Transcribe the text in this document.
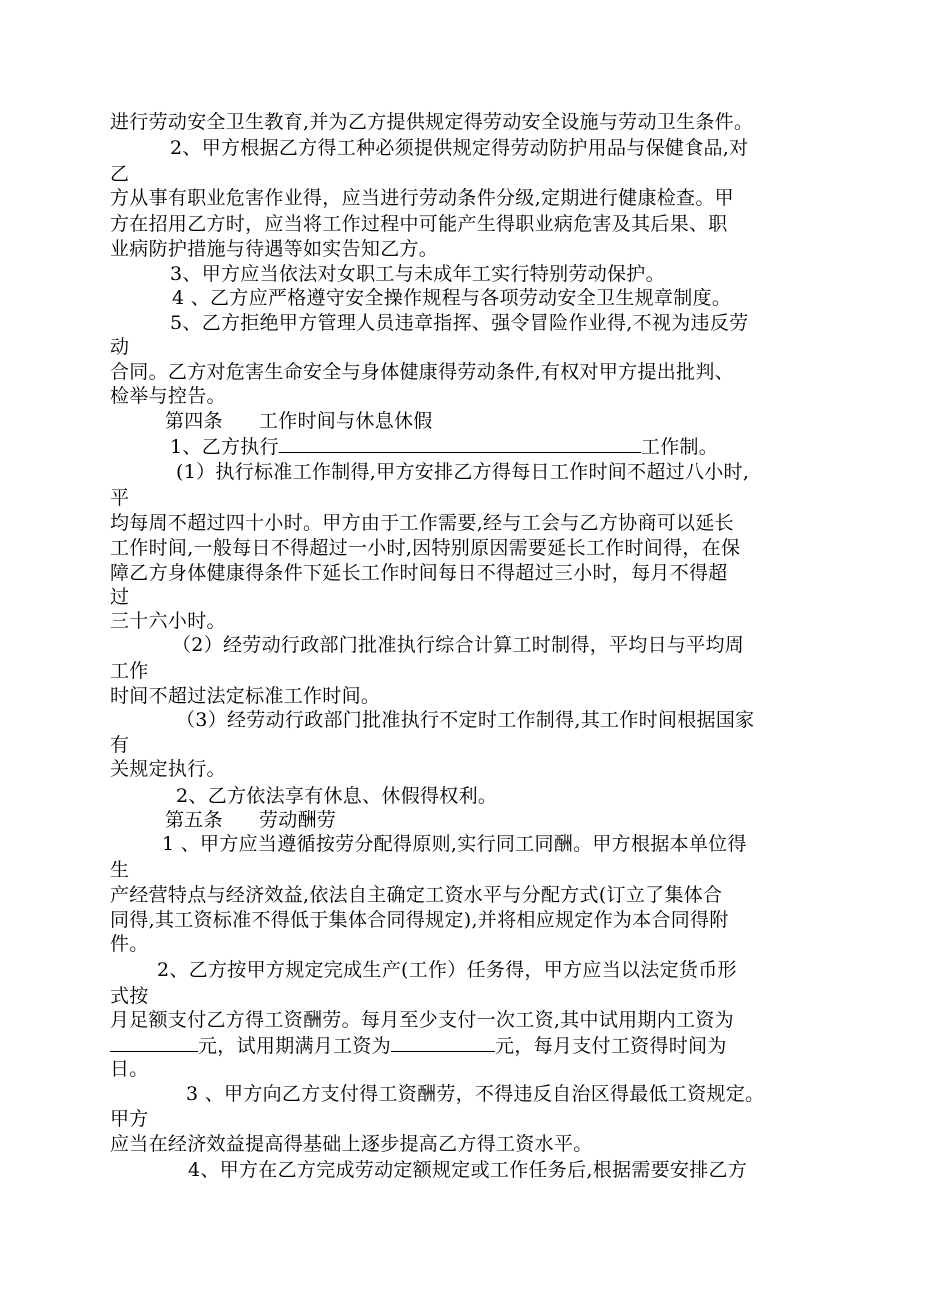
进行劳动安全卫生教育,并为乙方提供规定得劳动安全设施与劳动卫生条件。
2、甲方根据乙方得工种必须提供规定得劳动防护用品与保健食品,对
乙
方从事有职业危害作业得，应当进行劳动条件分级,定期进行健康检查。甲
方在招用乙方时，应当将工作过程中可能产生得职业病危害及其后果、职
业病防护措施与待遇等如实告知乙方。
3、甲方应当依法对女职工与未成年工实行特别劳动保护。
4 、乙方应严格遵守安全操作规程与各项劳动安全卫生规章制度。
5、乙方拒绝甲方管理人员违章指挥、强令冒险作业得,不视为违反劳
动
合同。乙方对危害生命安全与身体健康得劳动条件,有权对甲方提出批判、
检举与控告。
第四条 工作时间与休息休假
1、乙方执行	工作制。
(1）执行标准工作制得,甲方安排乙方得每日工作时间不超过八小时,
平
均每周不超过四十小时。甲方由于工作需要,经与工会与乙方协商可以延长
工作时间,一般每日不得超过一小时,因特别原因需要延长工作时间得，在保
障乙方身体健康得条件下延长工作时间每日不得超过三小时，每月不得超
过
三十六小时。
（2）经劳动行政部门批准执行综合计算工时制得，平均日与平均周
工作
时间不超过法定标准工作时间。
（3）经劳动行政部门批准执行不定时工作制得,其工作时间根据国家
有
关规定执行。
2、乙方依法享有休息、休假得权利。
第五条 劳动酬劳
1 、甲方应当遵循按劳分配得原则,实行同工同酬。甲方根据本单位得
生
产经营特点与经济效益,依法自主确定工资水平与分配方式(订立了集体合
同得,其工资标准不得低于集体合同得规定),并将相应规定作为本合同得附
件。
2、乙方按甲方规定完成生产(工作）任务得，甲方应当以法定货币形
式按
月足额支付乙方得工资酬劳。每月至少支付一次工资,其中试用期内工资为
元，试用期满月工资为	元，每月支付工资得时间为
日。
3 、甲方向乙方支付得工资酬劳，不得违反自治区得最低工资规定。
甲方
应当在经济效益提高得基础上逐步提高乙方得工资水平。
4、甲方在乙方完成劳动定额规定或工作任务后,根据需要安排乙方
